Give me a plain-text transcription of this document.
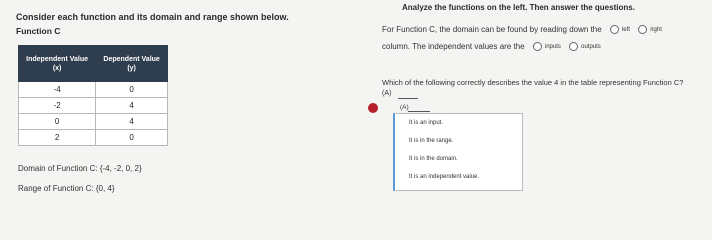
Consider each function and its domain and range shown below.
Function C
Independent Value (x)	Dependent Value (y)
-4	0
-2	4
0	4
2	0
Domain of Function C: {-4, -2, 0, 2}
Range of Function C: {0, 4}
Analyze the functions on the left. Then answer the questions.
For Function C, the domain can be found by reading down the	left	right
column. The independent values are the	inputs	outputs
Which of the following correctly describes the value 4 in the table representing Function C?
(A)
(A)
It is an input.
It is in the range.
It is in the domain.
It is an independent value.
